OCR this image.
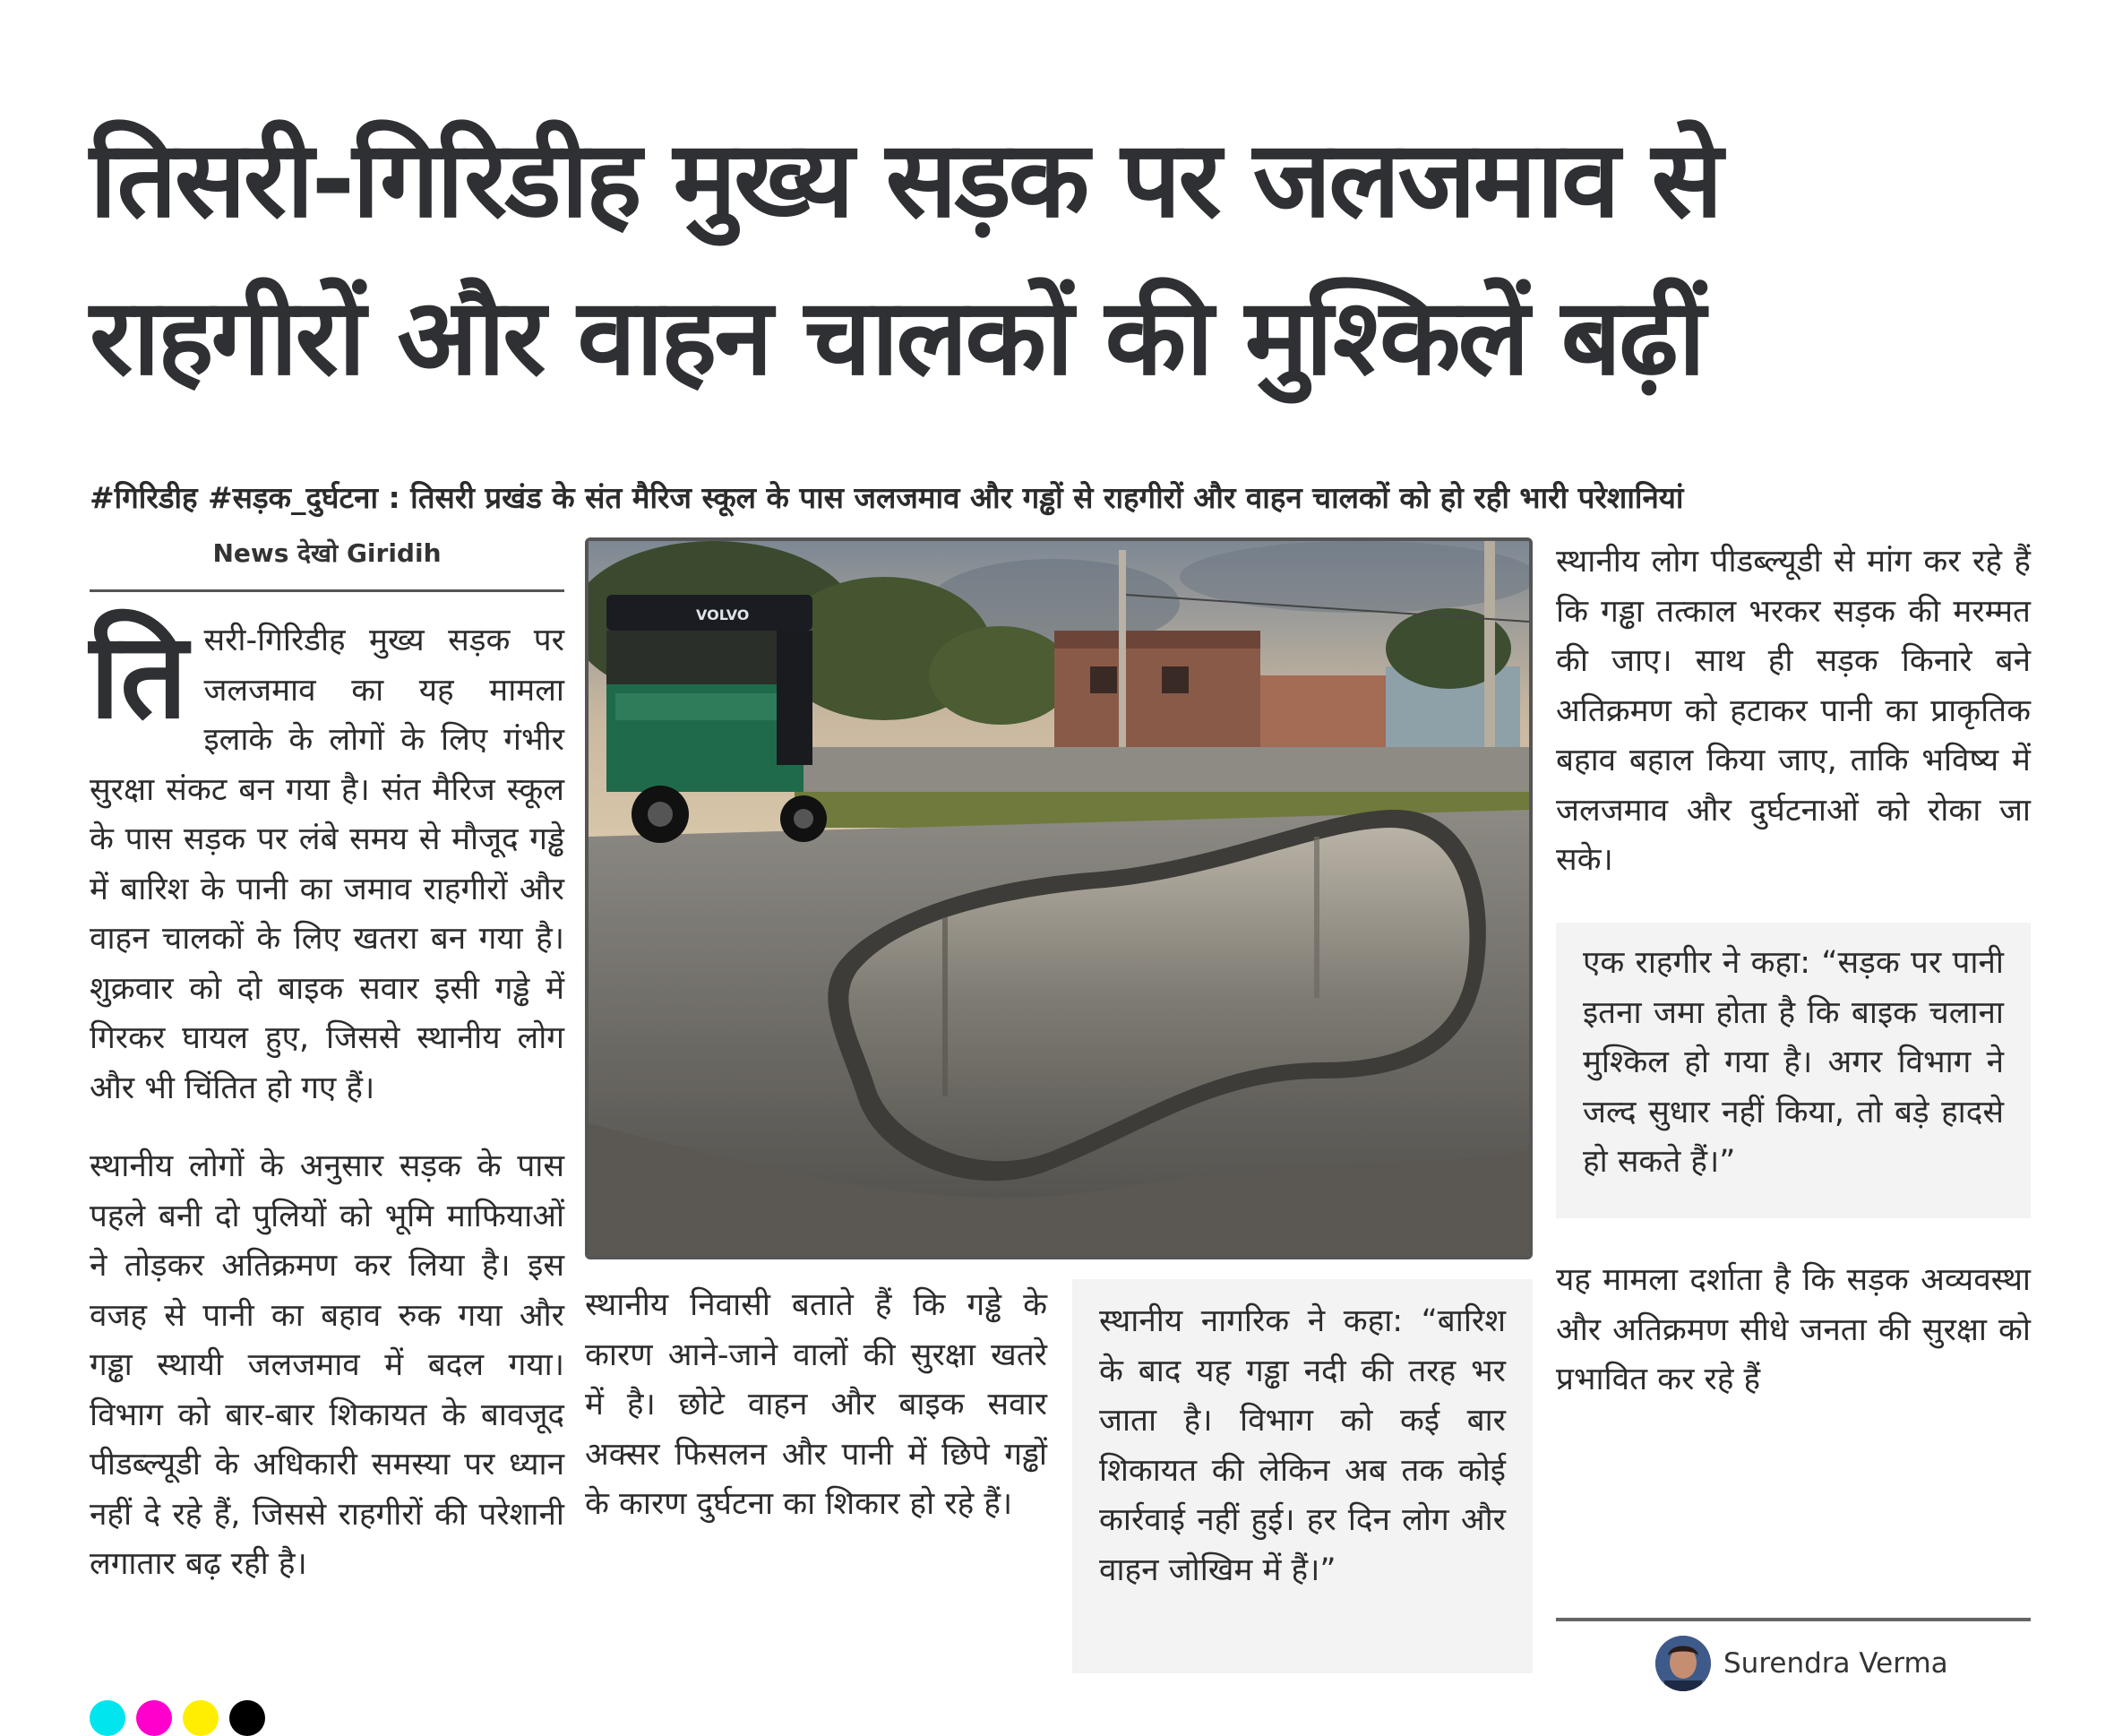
तिसरी-गिरिडीह मुख्य सड़क पर जलजमाव से
राहगीरों और वाहन चालकों की मुश्किलें बढ़ीं
#गिरिडीह #सड़क_दुर्घटना : तिसरी प्रखंड के संत मैरिज स्कूल के पास जलजमाव और गड्ढों से राहगीरों और वाहन चालकों को हो रही भारी परेशानियां
News देखो Giridih

तिसरी-गिरिडीह मुख्य सड़क पर जलजमाव का यह मामला इलाके के लोगों के लिए गंभीर सुरक्षा संकट बन गया है। संत मैरिज स्कूल के पास सड़क पर लंबे समय से मौजूद गड्ढे में बारिश के पानी का जमाव राहगीरों और वाहन चालकों के लिए खतरा बन गया है। शुक्रवार को दो बाइक सवार इसी गड्ढे में गिरकर घायल हुए, जिससे स्थानीय लोग और भी चिंतित हो गए हैं।

स्थानीय लोगों के अनुसार सड़क के पास पहले बनी दो पुलियों को भूमि माफियाओं ने तोड़कर अतिक्रमण कर लिया है। इस वजह से पानी का बहाव रुक गया और गड्ढा स्थायी जलजमाव में बदल गया। विभाग को बार-बार शिकायत के बावजूद पीडब्ल्यूडी के अधिकारी समस्या पर ध्यान नहीं दे रहे हैं, जिससे राहगीरों की परेशानी लगातार बढ़ रही है।

VOLVO

स्थानीय निवासी बताते हैं कि गड्ढे के कारण आने-जाने वालों की सुरक्षा खतरे में है। छोटे वाहन और बाइक सवार अक्सर फिसलन और पानी में छिपे गड्ढों के कारण दुर्घटना का शिकार हो रहे हैं।

स्थानीय नागरिक ने कहा: “बारिश के बाद यह गड्ढा नदी की तरह भर जाता है। विभाग को कई बार शिकायत की लेकिन अब तक कोई कार्रवाई नहीं हुई। हर दिन लोग और वाहन जोखिम में हैं।”

स्थानीय लोग पीडब्ल्यूडी से मांग कर रहे हैं कि गड्ढा तत्काल भरकर सड़क की मरम्मत की जाए। साथ ही सड़क किनारे बने अतिक्रमण को हटाकर पानी का प्राकृतिक बहाव बहाल किया जाए, ताकि भविष्य में जलजमाव और दुर्घटनाओं को रोका जा सके।

एक राहगीर ने कहा: “सड़क पर पानी इतना जमा होता है कि बाइक चलाना मुश्किल हो गया है। अगर विभाग ने जल्द सुधार नहीं किया, तो बड़े हादसे हो सकते हैं।”

यह मामला दर्शाता है कि सड़क अव्यवस्था और अतिक्रमण सीधे जनता की सुरक्षा को प्रभावित कर रहे हैं

Surendra Verma
